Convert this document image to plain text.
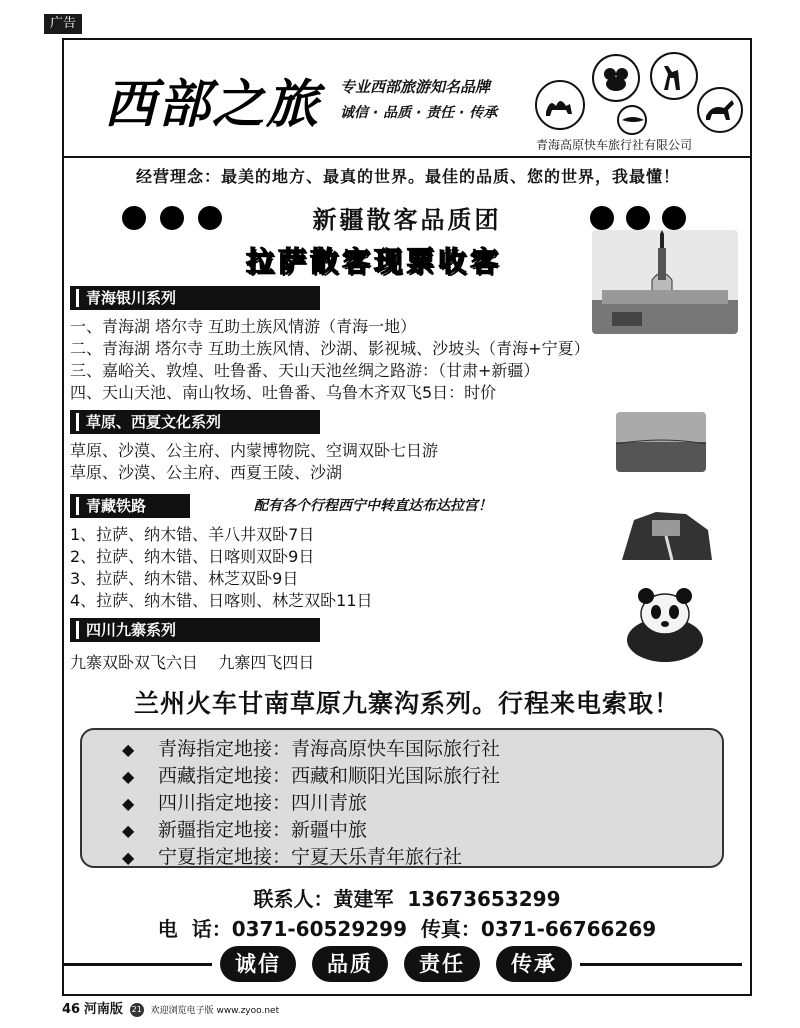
广告
西部之旅 专业西部旅游知名品牌
诚信 · 品质 · 责任 · 传承
青海高原快车旅行社有限公司
经营理念：最美的地方、最真的世界。最佳的品质、您的世界，我最懂！
新疆散客品质团
拉萨散客现票收客
青海银川系列
一、青海湖 塔尔寺 互助土族风情游（青海一地）
二、青海湖 塔尔寺 互助土族风情、沙湖、影视城、沙坡头（青海+宁夏）
三、嘉峪关、敦煌、吐鲁番、天山天池丝绸之路游：（甘肃+新疆）
四、天山天池、南山牧场、吐鲁番、乌鲁木齐双飞5日：时价
草原、西夏文化系列
草原、沙漠、公主府、内蒙博物院、空调双卧七日游
草原、沙漠、公主府、西夏王陵、沙湖
青藏铁路	配有各个行程西宁中转直达布达拉宫！
1、拉萨、纳木错、羊八井双卧7日
2、拉萨、纳木错、日喀则双卧9日
3、拉萨、纳木错、林芝双卧9日
4、拉萨、纳木错、日喀则、林芝双卧11日
四川九寨系列
九寨双卧双飞六日    九寨四飞四日
兰州火车甘南草原九寨沟系列。行程来电索取！
◆ 青海指定地接：青海高原快车国际旅行社
◆ 西藏指定地接：西藏和顺阳光国际旅行社
◆ 四川指定地接：四川青旅
◆ 新疆指定地接：新疆中旅
◆ 宁夏指定地接：宁夏天乐青年旅行社
联系人：黄建军  13673653299
电  话：0371-60529299  传真：0371-66766269
诚信	品质	责任	传承
46 河南版 21 欢迎浏览电子版 www.zyoo.net
